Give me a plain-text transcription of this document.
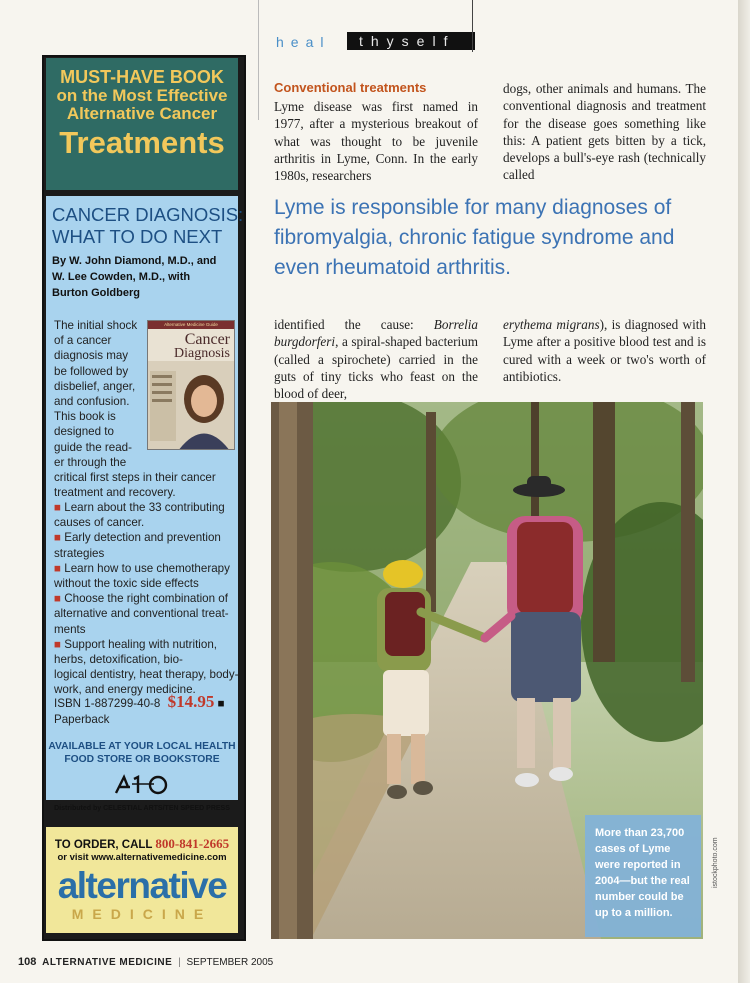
heal	thyself
MUST-HAVE BOOK
on the Most Effective
Alternative Cancer
Treatments
CANCER DIAGNOSIS:
WHAT TO DO NEXT
By W. John Diamond, M.D., and
W. Lee Cowden, M.D., with
Burton Goldberg
Alternative Medicine Guide
Cancer
Diagnosis
The initial shock
of a cancer
diagnosis may
be followed by
disbelief, anger,
and confusion.
This book is
designed to
guide the read-
er through the
critical first steps in their cancer
treatment and recovery.
■ Learn about the 33 contributing
causes of cancer.
■ Early detection and prevention
strategies
■ Learn how to use chemotherapy
without the toxic side effects
■ Choose the right combination of
alternative and conventional treat-
ments
■ Support healing with nutrition,
herbs, detoxification, bio-
logical dentistry, heat therapy, body-
work, and energy medicine.
ISBN 1-887299-40-8 $14.95 ■
Paperback
AVAILABLE AT YOUR LOCAL HEALTH
FOOD STORE OR BOOKSTORE
Distributed by CELESTIAL ARTS/TEN SPEED PRESS
TO ORDER, CALL 800-841-2665
or visit www.alternativemedicine.com
alternative
MEDICINE
Conventional treatments
Lyme disease was first named in 1977, after a mysterious breakout of what was thought to be juvenile arthritis in Lyme, Conn. In the early 1980s, researchers
dogs, other animals and humans. The conventional diagnosis and treatment for the disease goes something like this: A patient gets bitten by a tick, develops a bull's-eye rash (technically called
Lyme is responsible for many diagnoses of fibromyalgia, chronic fatigue syndrome and even rheumatoid arthritis.
identified the cause: Borrelia burgdorferi, a spiral-shaped bacterium (called a spirochete) carried in the guts of tiny ticks who feast on the blood of deer,
erythema migrans), is diagnosed with Lyme after a positive blood test and is cured with a week or two's worth of antibiotics.
More than 23,700 cases of Lyme were reported in 2004—but the real number could be up to a million.
istockphoto.com
108 ALTERNATIVE MEDICINE | SEPTEMBER 2005
